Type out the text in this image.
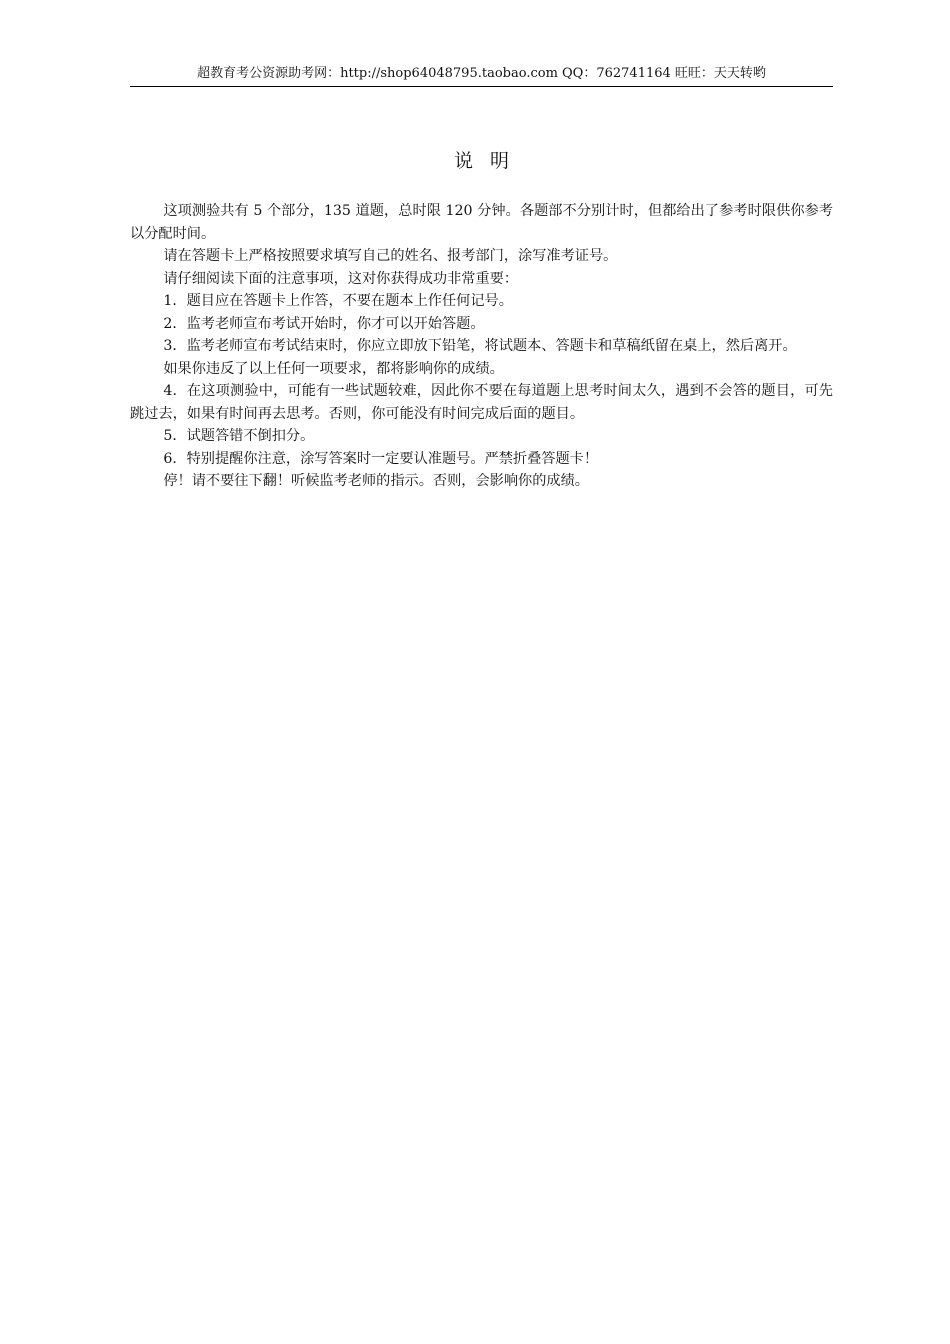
超教育考公资源助考网：http://shop64048795.taobao.com QQ：762741164 旺旺：天天转哟
说明

这项测验共有 5 个部分，135 道题，总时限 120 分钟。各题部不分别计时，但都给出了参考时限供你参考以分配时间。

请在答题卡上严格按照要求填写自己的姓名、报考部门，涂写准考证号。

请仔细阅读下面的注意事项，这对你获得成功非常重要：

1．题目应在答题卡上作答，不要在题本上作任何记号。

2．监考老师宣布考试开始时，你才可以开始答题。

3．监考老师宣布考试结束时，你应立即放下铅笔，将试题本、答题卡和草稿纸留在桌上，然后离开。

如果你违反了以上任何一项要求，都将影响你的成绩。

4．在这项测验中，可能有一些试题较难，因此你不要在每道题上思考时间太久，遇到不会答的题目，可先跳过去，如果有时间再去思考。否则，你可能没有时间完成后面的题目。

5．试题答错不倒扣分。

6．特别提醒你注意，涂写答案时一定要认准题号。严禁折叠答题卡！

停！请不要往下翻！听候监考老师的指示。否则，会影响你的成绩。
